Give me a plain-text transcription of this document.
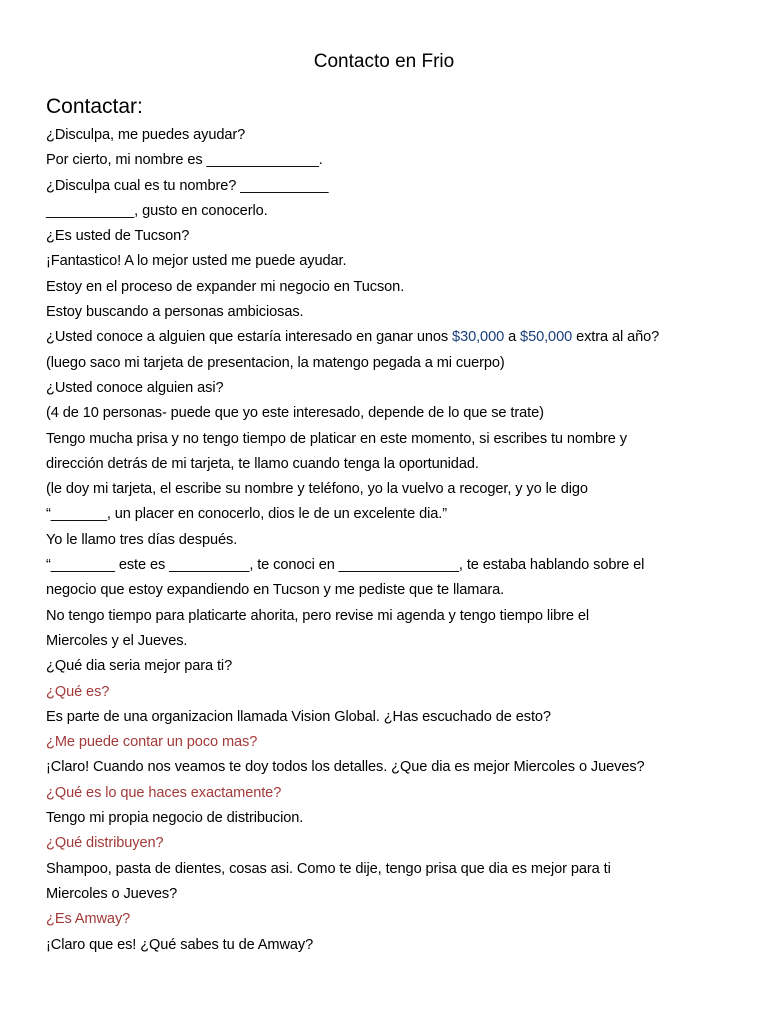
Contacto en Frio
Contactar:
¿Disculpa, me puedes ayudar?
Por cierto, mi nombre es ______________.
¿Disculpa cual es tu nombre? ___________
___________, gusto en conocerlo.
¿Es usted de Tucson?
¡Fantastico! A lo mejor usted me puede ayudar.
Estoy en el proceso de expander mi negocio en Tucson.
Estoy buscando a personas ambiciosas.
¿Usted conoce a alguien que estaría interesado en ganar unos $30,000 a $50,000 extra al año?
(luego saco mi tarjeta de presentacion, la matengo pegada a mi cuerpo)
¿Usted conoce alguien asi?
(4 de 10 personas- puede que yo este interesado, depende de lo que se trate)
Tengo mucha prisa y no tengo tiempo de platicar en este momento, si escribes tu nombre y
dirección detrás de mi tarjeta, te llamo cuando tenga la oportunidad.
(le doy mi tarjeta, el escribe su nombre y teléfono, yo la vuelvo a recoger, y yo le digo
“_______, un placer en conocerlo, dios le de un excelente dia.”
Yo le llamo tres días después.
“________ este es __________, te conoci en _______________, te estaba hablando sobre el
negocio que estoy expandiendo en Tucson y me pediste que te llamara.
No tengo tiempo para platicarte ahorita, pero revise mi agenda y tengo tiempo libre el
Miercoles y el Jueves.
¿Qué dia seria mejor para ti?
¿Qué es?
Es parte de una organizacion llamada Vision Global. ¿Has escuchado de esto?
¿Me puede contar un poco mas?
¡Claro! Cuando nos veamos te doy todos los detalles. ¿Que dia es mejor Miercoles o Jueves?
¿Qué es lo que haces exactamente?
Tengo mi propia negocio de distribucion.
¿Qué distribuyen?
Shampoo, pasta de dientes, cosas asi. Como te dije, tengo prisa que dia es mejor para ti
Miercoles o Jueves?
¿Es Amway?
¡Claro que es! ¿Qué sabes tu de Amway?
